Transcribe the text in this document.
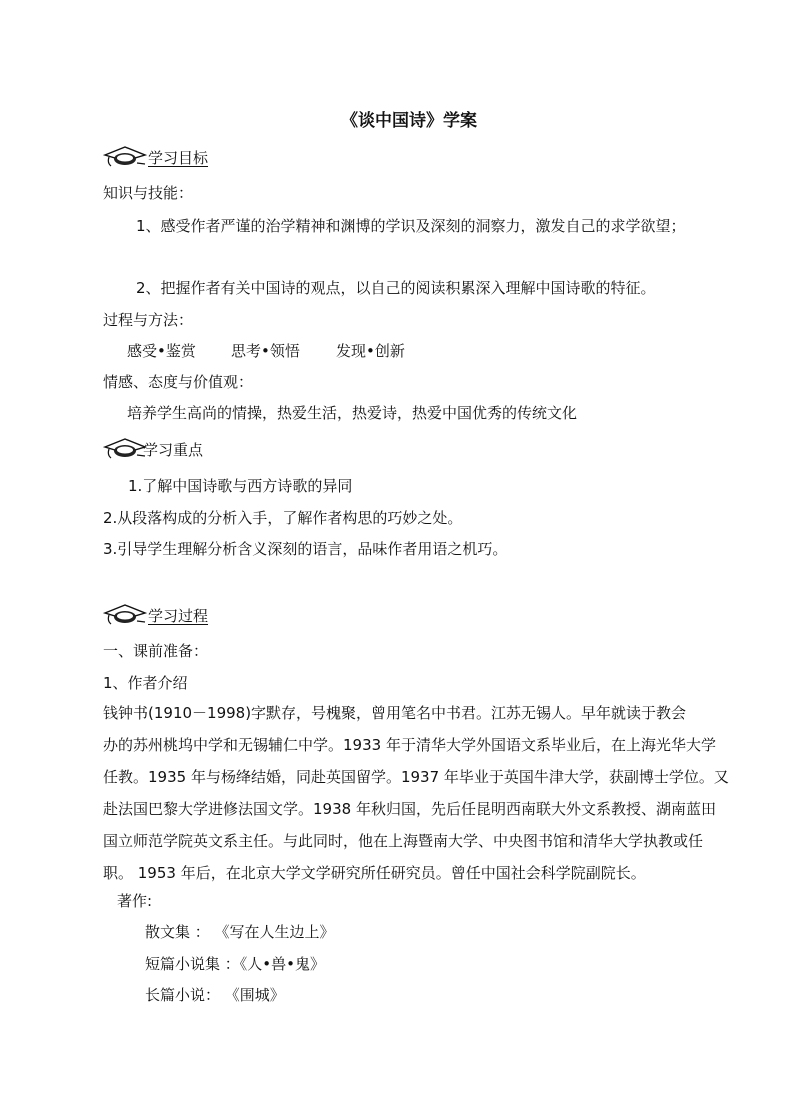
《谈中国诗》学案
学习目标
知识与技能：
1、感受作者严谨的治学精神和渊博的学识及深刻的洞察力，激发自己的求学欲望；
2、把握作者有关中国诗的观点，以自己的阅读积累深入理解中国诗歌的特征。
过程与方法：
感受•鉴赏 思考•领悟 发现•创新
情感、态度与价值观：
培养学生高尚的情操，热爱生活，热爱诗，热爱中国优秀的传统文化
学习重点
1.了解中国诗歌与西方诗歌的异同
2.从段落构成的分析入手，了解作者构思的巧妙之处。
3.引导学生理解分析含义深刻的语言，品味作者用语之机巧。
学习过程
一、课前准备：
1、作者介绍

钱钟书(1910－1998)字默存，号槐聚，曾用笔名中书君。江苏无锡人。早年就读于教会

办的苏州桃坞中学和无锡辅仁中学。1933 年于清华大学外国语文系毕业后，在上海光华大学

任教。1935 年与杨绛结婚，同赴英国留学。1937 年毕业于英国牛津大学，获副博士学位。又

赴法国巴黎大学进修法国文学。1938 年秋归国，先后任昆明西南联大外文系教授、湖南蓝田

国立师范学院英文系主任。与此同时，他在上海暨南大学、中央图书馆和清华大学执教或任

职。 1953 年后，在北京大学文学研究所任研究员。曾任中国社会科学院副院长。

著作:
散文集 ： 《写在人生边上》
短篇小说集 ：《人•兽•鬼》
长篇小说： 《围城》
